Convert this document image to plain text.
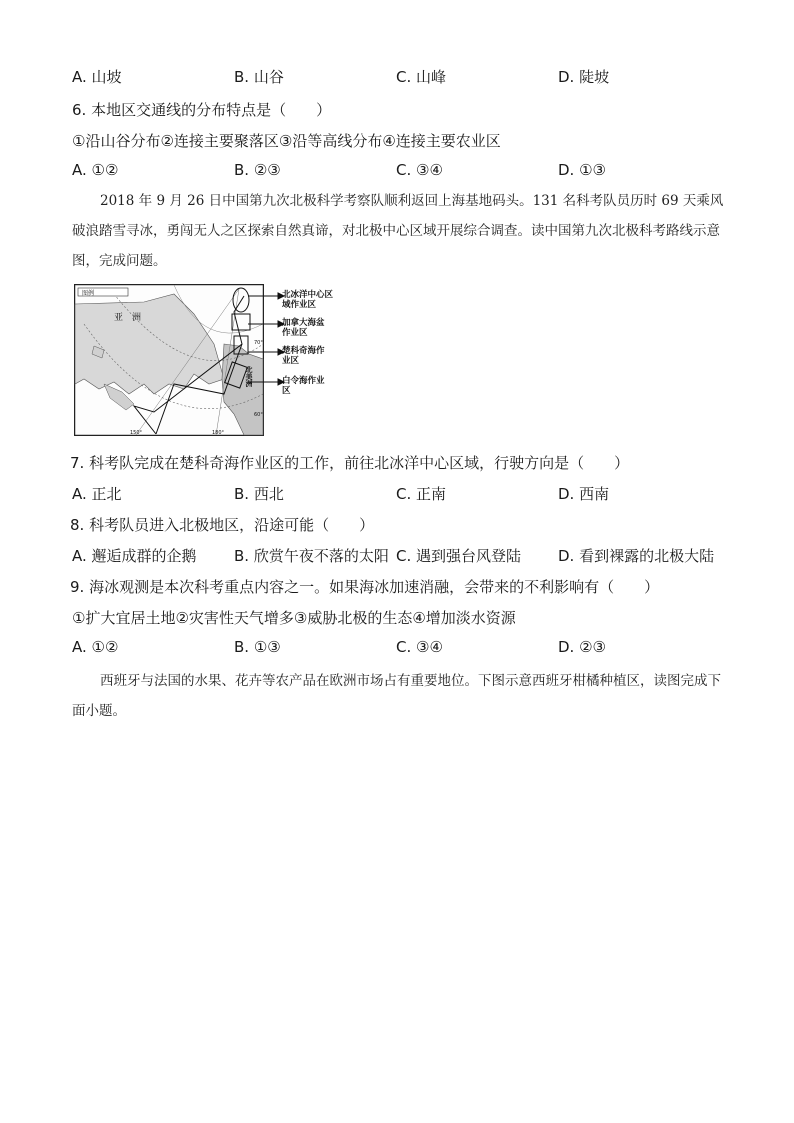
A. 山坡	B. 山谷	C. 山峰	D. 陡坡
6. 本地区交通线的分布特点是（　　）
①沿山谷分布②连接主要聚落区③沿等高线分布④连接主要农业区
A. ①②	B. ②③	C. ③④	D. ①③
2018 年 9 月 26 日中国第九次北极科学考察队顺利返回上海基地码头。131 名科考队员历时 69 天乘风破浪踏雪寻冰，勇闯无人之区探索自然真谛，对北极中心区域开展综合调查。读中国第九次北极科考路线示意图，完成问题。
图例
亚　洲
北美洲
150°	180°
70°
60°
北冰洋中心区域作业区
加拿大海盆作业区
楚科奇海作业区
白令海作业区
7. 科考队完成在楚科奇海作业区的工作，前往北冰洋中心区域，行驶方向是（　　）
A. 正北	B. 西北	C. 正南	D. 西南
8. 科考队员进入北极地区，沿途可能（　　）
A. 邂逅成群的企鹅 B. 欣赏午夜不落的太阳 C. 遇到强台风登陆 D. 看到裸露的北极大陆
9. 海冰观测是本次科考重点内容之一。如果海冰加速消融，会带来的不利影响有（　　）
①扩大宜居土地②灾害性天气增多③威胁北极的生态④增加淡水资源
A. ①②	B. ①③	C. ③④	D. ②③
西班牙与法国的水果、花卉等农产品在欧洲市场占有重要地位。下图示意西班牙柑橘种植区，读图完成下面小题。
